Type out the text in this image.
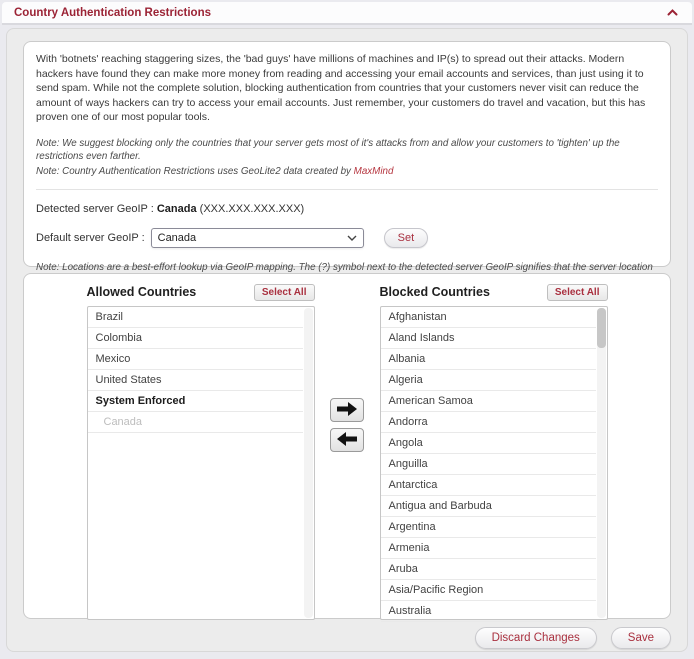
Country Authentication Restrictions

With 'botnets' reaching staggering sizes, the 'bad guys' have millions of machines and IP(s) to spread out their attacks. Modern hackers have found they can make more money from reading and accessing your email accounts and services, than just using it to send spam. While not the complete solution, blocking authentication from countries that your customers never visit can reduce the amount of ways hackers can try to access your email accounts. Just remember, your customers do travel and vacation, but this has proven one of our most popular tools.

Note: We suggest blocking only the countries that your server gets most of it's attacks from and allow your customers to 'tighten' up the restrictions even farther.
Note: Country Authentication Restrictions uses GeoLite2 data created by MaxMind
Detected server GeoIP : Canada (XXX.XXX.XXX.XXX)
Default server GeoIP : Canada	Set
Note: Locations are a best-effort lookup via GeoIP mapping. The (?) symbol next to the detected server GeoIP signifies that the server location
Allowed Countries	Select All
Brazil
Colombia
Mexico
United States
System Enforced
Canada
Blocked Countries	Select All
Afghanistan
Aland Islands
Albania
Algeria
American Samoa
Andorra
Angola
Anguilla
Antarctica
Antigua and Barbuda
Argentina
Armenia
Aruba
Asia/Pacific Region
Australia
Discard Changes	Save
